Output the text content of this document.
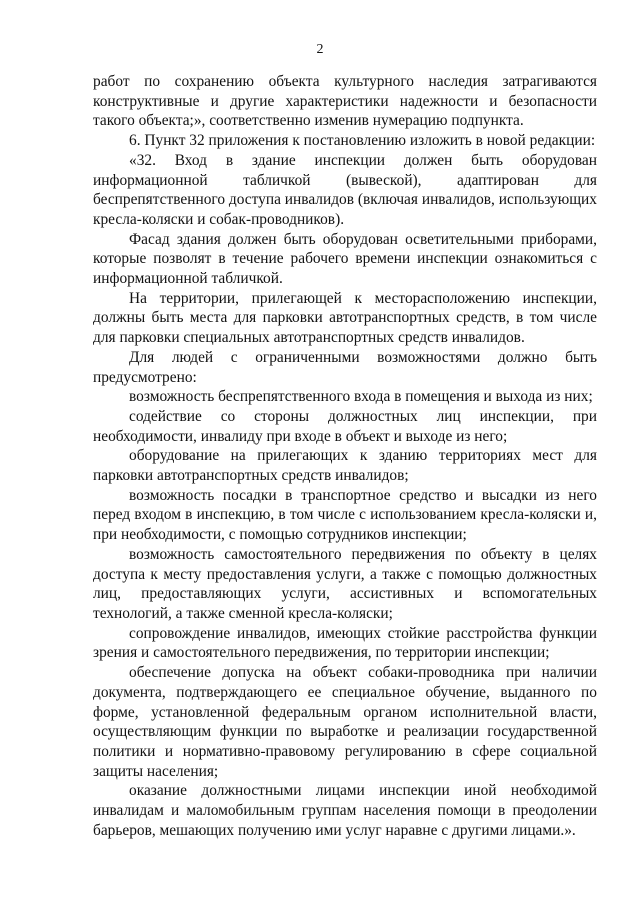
2

работ по сохранению объекта культурного наследия затрагиваются конструктивные и другие характеристики надежности и безопасности такого объекта;», соответственно изменив нумерацию подпункта.

6. Пункт 32 приложения к постановлению изложить в новой редакции:

«32. Вход в здание инспекции должен быть оборудован информационной табличкой (вывеской), адаптирован для беспрепятственного доступа инвалидов (включая инвалидов, использующих кресла-коляски и собак-проводников).

Фасад здания должен быть оборудован осветительными приборами, которые позволят в течение рабочего времени инспекции ознакомиться с информационной табличкой.

На территории, прилегающей к месторасположению инспекции, должны быть места для парковки автотранспортных средств, в том числе для парковки специальных автотранспортных средств инвалидов.

Для людей с ограниченными возможностями должно быть предусмотрено:

возможность беспрепятственного входа в помещения и выхода из них;

содействие со стороны должностных лиц инспекции, при необходимости, инвалиду при входе в объект и выходе из него;

оборудование на прилегающих к зданию территориях мест для парковки автотранспортных средств инвалидов;

возможность посадки в транспортное средство и высадки из него перед входом в инспекцию, в том числе с использованием кресла-коляски и, при необходимости, с помощью сотрудников инспекции;

возможность самостоятельного передвижения по объекту в целях доступа к месту предоставления услуги, а также с помощью должностных лиц, предоставляющих услуги, ассистивных и вспомогательных технологий, а также сменной кресла-коляски;

сопровождение инвалидов, имеющих стойкие расстройства функции зрения и самостоятельного передвижения, по территории инспекции;

обеспечение допуска на объект собаки-проводника при наличии документа, подтверждающего ее специальное обучение, выданного по форме, установленной федеральным органом исполнительной власти, осуществляющим функции по выработке и реализации государственной политики и нормативно-правовому регулированию в сфере социальной защиты населения;

оказание должностными лицами инспекции иной необходимой инвалидам и маломобильным группам населения помощи в преодолении барьеров, мешающих получению ими услуг наравне с другими лицами.».
